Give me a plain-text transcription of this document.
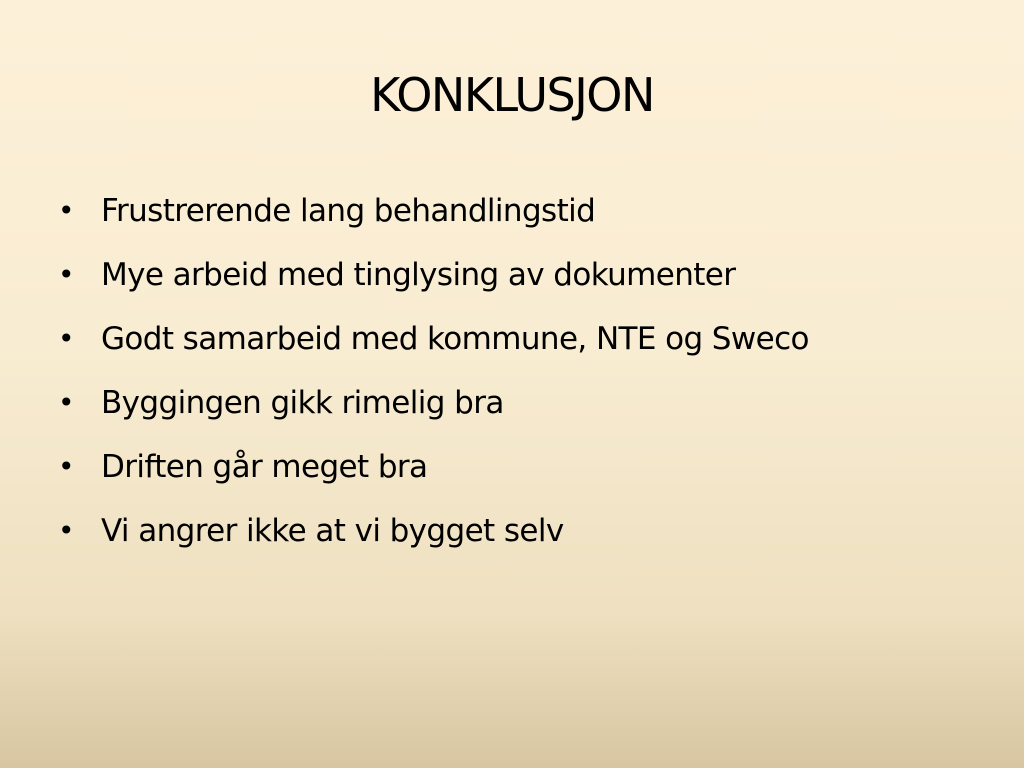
KONKLUSJON
• Frustrerende lang behandlingstid
• Mye arbeid med tinglysing av dokumenter
• Godt samarbeid med kommune, NTE og Sweco
• Byggingen gikk rimelig bra
• Driften går meget bra
• Vi angrer ikke at vi bygget selv
